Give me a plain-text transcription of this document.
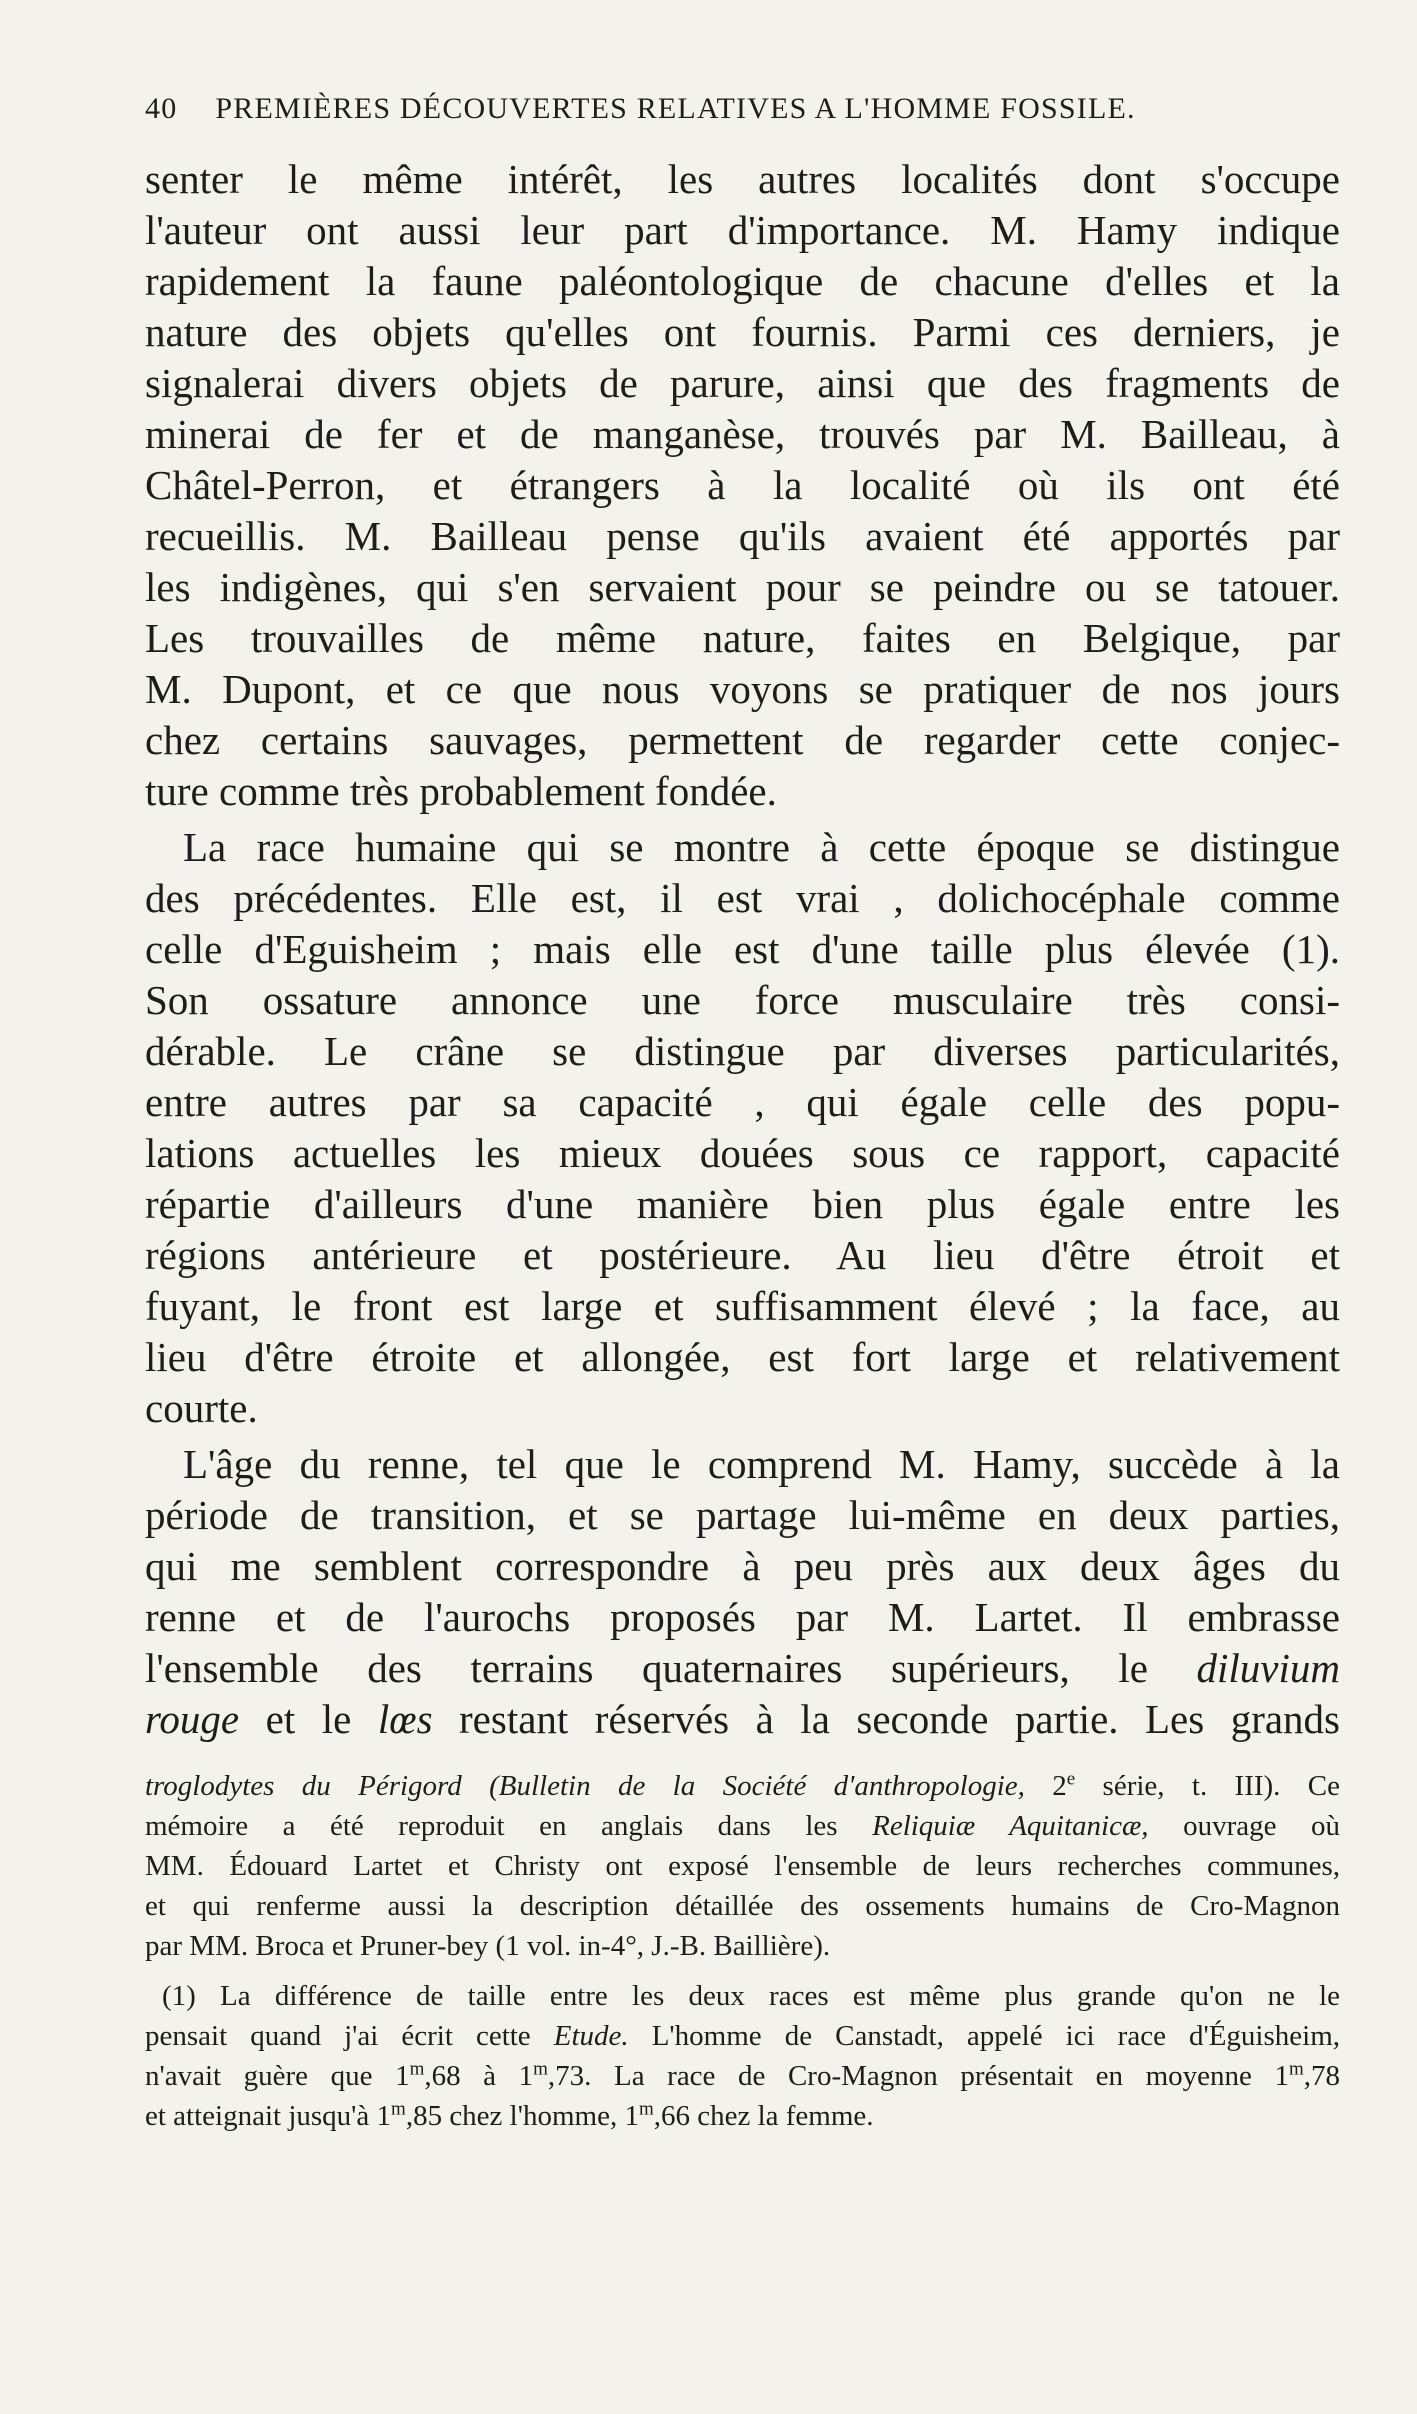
40 PREMIÈRES DÉCOUVERTES RELATIVES A L'HOMME FOSSILE.
senter le même intérêt, les autres localités dont s'occupe
l'auteur ont aussi leur part d'importance. M. Hamy indique
rapidement la faune paléontologique de chacune d'elles et la
nature des objets qu'elles ont fournis. Parmi ces derniers, je
signalerai divers objets de parure, ainsi que des fragments de
minerai de fer et de manganèse, trouvés par M. Bailleau, à
Châtel-Perron, et étrangers à la localité où ils ont été
recueillis. M. Bailleau pense qu'ils avaient été apportés par
les indigènes, qui s'en servaient pour se peindre ou se tatouer.
Les trouvailles de même nature, faites en Belgique, par
M. Dupont, et ce que nous voyons se pratiquer de nos jours
chez certains sauvages, permettent de regarder cette conjec-
ture comme très probablement fondée.
La race humaine qui se montre à cette époque se distingue
des précédentes. Elle est, il est vrai , dolichocéphale comme
celle d'Eguisheim ; mais elle est d'une taille plus élevée (1).
Son ossature annonce une force musculaire très consi-
dérable. Le crâne se distingue par diverses particularités,
entre autres par sa capacité , qui égale celle des popu-
lations actuelles les mieux douées sous ce rapport, capacité
répartie d'ailleurs d'une manière bien plus égale entre les
régions antérieure et postérieure. Au lieu d'être étroit et
fuyant, le front est large et suffisamment élevé ; la face, au
lieu d'être étroite et allongée, est fort large et relativement
courte.
L'âge du renne, tel que le comprend M. Hamy, succède à la
période de transition, et se partage lui-même en deux parties,
qui me semblent correspondre à peu près aux deux âges du
renne et de l'aurochs proposés par M. Lartet. Il embrasse
l'ensemble des terrains quaternaires supérieurs, le diluvium
rouge et le lœs restant réservés à la seconde partie. Les grands
troglodytes du Périgord (Bulletin de la Société d'anthropologie, 2e série, t. III). Ce
mémoire a été reproduit en anglais dans les Reliquiæ Aquitanicæ, ouvrage où
MM. Édouard Lartet et Christy ont exposé l'ensemble de leurs recherches communes,
et qui renferme aussi la description détaillée des ossements humains de Cro-Magnon
par MM. Broca et Pruner-bey (1 vol. in-4°, J.-B. Baillière).
(1) La différence de taille entre les deux races est même plus grande qu'on ne le
pensait quand j'ai écrit cette Etude. L'homme de Canstadt, appelé ici race d'Éguisheim,
n'avait guère que 1$^m$,68 à 1$^m$,73. La race de Cro-Magnon présentait en moyenne 1$^m$,78
et atteignait jusqu'à 1$^m$,85 chez l'homme, 1$^m$,66 chez la femme.
